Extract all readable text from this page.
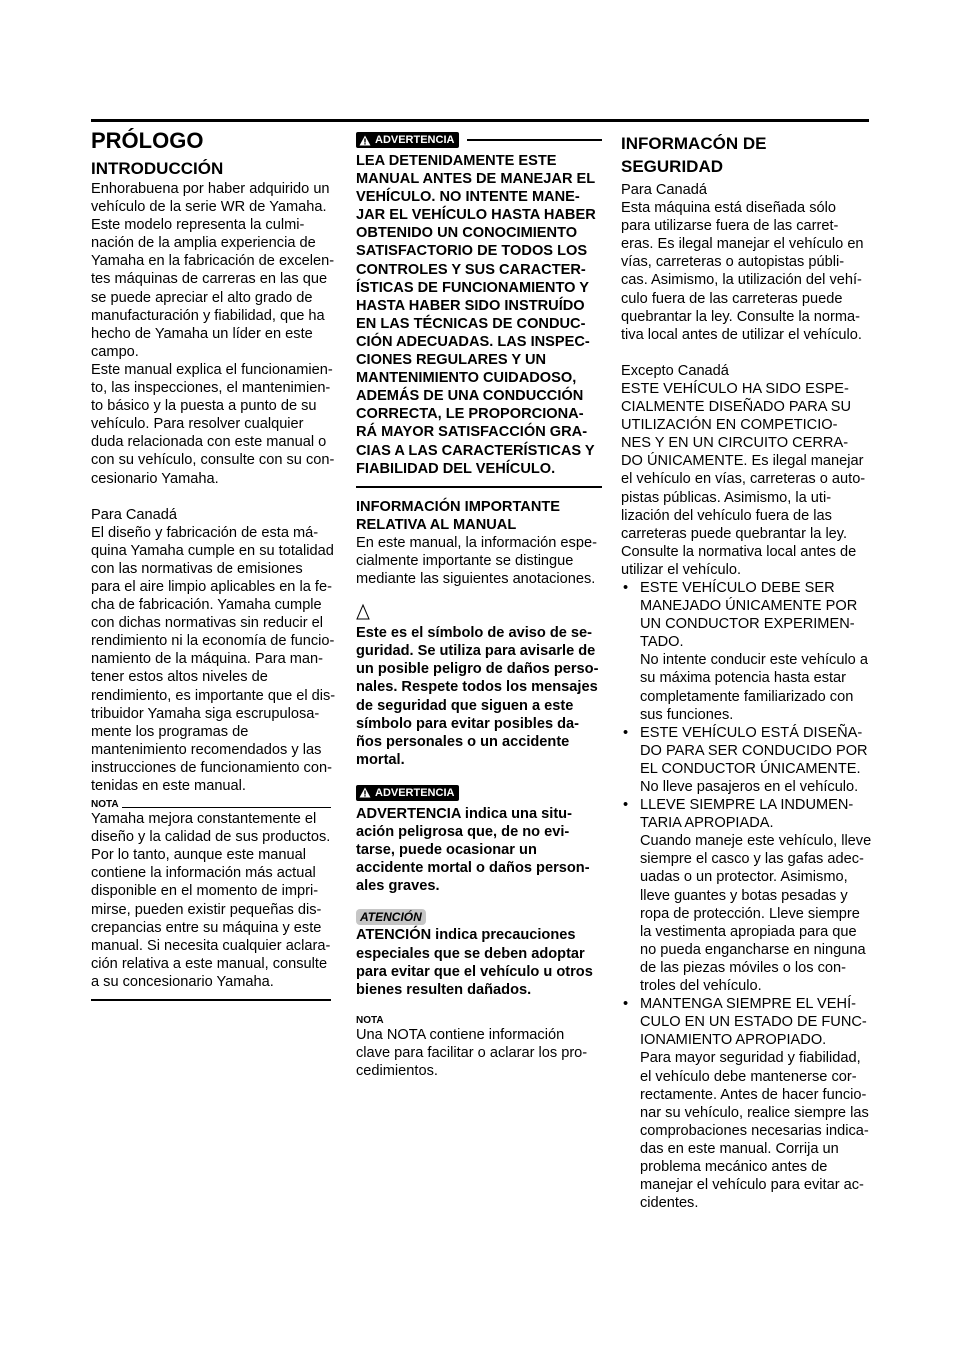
PRÓLOGO
INTRODUCCIÓN
Enhorabuena por haber adquirido un
vehículo de la serie WR de Yamaha.
Este modelo representa la culmi-
nación de la amplia experiencia de
Yamaha en la fabricación de excelen-
tes máquinas de carreras en las que
se puede apreciar el alto grado de
manufacturación y fiabilidad, que ha
hecho de Yamaha un líder en este
campo.
Este manual explica el funcionamien-
to, las inspecciones, el mantenimien-
to básico y la puesta a punto de su
vehículo. Para resolver cualquier
duda relacionada con este manual o
con su vehículo, consulte con su con-
cesionario Yamaha.
Para Canadá
El diseño y fabricación de esta má-
quina Yamaha cumple en su totalidad
con las normativas de emisiones
para el aire limpio aplicables en la fe-
cha de fabricación. Yamaha cumple
con dichas normativas sin reducir el
rendimiento ni la economía de funcio-
namiento de la máquina. Para man-
tener estos altos niveles de
rendimiento, es importante que el dis-
tribuidor Yamaha siga escrupulosa-
mente los programas de
mantenimiento recomendados y las
instrucciones de funcionamiento con-
tenidas en este manual.
NOTA
Yamaha mejora constantemente el
diseño y la calidad de sus productos.
Por lo tanto, aunque este manual
contiene la información más actual
disponible en el momento de impri-
mirse, pueden existir pequeñas dis-
crepancias entre su máquina y este
manual. Si necesita cualquier aclara-
ción relativa a este manual, consulte
a su concesionario Yamaha.
ADVERTENCIA
LEA DETENIDAMENTE ESTE
MANUAL ANTES DE MANEJAR EL
VEHÍCULO. NO INTENTE MANE-
JAR EL VEHÍCULO HASTA HABER
OBTENIDO UN CONOCIMIENTO
SATISFACTORIO DE TODOS LOS
CONTROLES Y SUS CARACTER-
ÍSTICAS DE FUNCIONAMIENTO Y
HASTA HABER SIDO INSTRUÍDO
EN LAS TÉCNICAS DE CONDUC-
CIÓN ADECUADAS. LAS INSPEC-
CIONES REGULARES Y UN
MANTENIMIENTO CUIDADOSO,
ADEMÁS DE UNA CONDUCCIÓN
CORRECTA, LE PROPORCIONA-
RÁ MAYOR SATISFACCIÓN GRA-
CIAS A LAS CARACTERÍSTICAS Y
FIABILIDAD DEL VEHÍCULO.
INFORMACIÓN IMPORTANTE
RELATIVA AL MANUAL
En este manual, la información espe-
cialmente importante se distingue
mediante las siguientes anotaciones.
Este es el símbolo de aviso de se-
guridad. Se utiliza para avisarle de
un posible peligro de daños perso-
nales. Respete todos los mensajes
de seguridad que siguen a este
símbolo para evitar posibles da-
ños personales o un accidente
mortal.
ADVERTENCIA
ADVERTENCIA indica una situ-
ación peligrosa que, de no evi-
tarse, puede ocasionar un
accidente mortal o daños person-
ales graves.
ATENCIÓN
ATENCIÓN indica precauciones
especiales que se deben adoptar
para evitar que el vehículo u otros
bienes resulten dañados.
NOTA
Una NOTA contiene información
clave para facilitar o aclarar los pro-
cedimientos.
INFORMACÓN DE
SEGURIDAD
Para Canadá
Esta máquina está diseñada sólo
para utilizarse fuera de las carret-
eras. Es ilegal manejar el vehículo en
vías, carreteras o autopistas públi-
cas. Asimismo, la utilización del vehí-
culo fuera de las carreteras puede
quebrantar la ley. Consulte la norma-
tiva local antes de utilizar el vehículo.
Excepto Canadá
ESTE VEHÍCULO HA SIDO ESPE-
CIALMENTE DISEÑADO PARA SU
UTILIZACIÓN EN COMPETICIO-
NES Y EN UN CIRCUITO CERRA-
DO ÚNICAMENTE. Es ilegal manejar
el vehículo en vías, carreteras o auto-
pistas públicas. Asimismo, la uti-
lización del vehículo fuera de las
carreteras puede quebrantar la ley.
Consulte la normativa local antes de
utilizar el vehículo.
• ESTE VEHÍCULO DEBE SER
MANEJADO ÚNICAMENTE POR
UN CONDUCTOR EXPERIMEN-
TADO.
No intente conducir este vehículo a
su máxima potencia hasta estar
completamente familiarizado con
sus funciones.
• ESTE VEHÍCULO ESTÁ DISEÑA-
DO PARA SER CONDUCIDO POR
EL CONDUCTOR ÚNICAMENTE.
No lleve pasajeros en el vehículo.
• LLEVE SIEMPRE LA INDUMEN-
TARIA APROPIADA.
Cuando maneje este vehículo, lleve
siempre el casco y las gafas adec-
uadas o un protector. Asimismo,
lleve guantes y botas pesadas y
ropa de protección. Lleve siempre
la vestimenta apropiada para que
no pueda engancharse en ninguna
de las piezas móviles o los con-
troles del vehículo.
• MANTENGA SIEMPRE EL VEHÍ-
CULO EN UN ESTADO DE FUNC-
IONAMIENTO APROPIADO.
Para mayor seguridad y fiabilidad,
el vehículo debe mantenerse cor-
rectamente. Antes de hacer funcio-
nar su vehículo, realice siempre las
comprobaciones necesarias indica-
das en este manual. Corrija un
problema mecánico antes de
manejar el vehículo para evitar ac-
cidentes.
